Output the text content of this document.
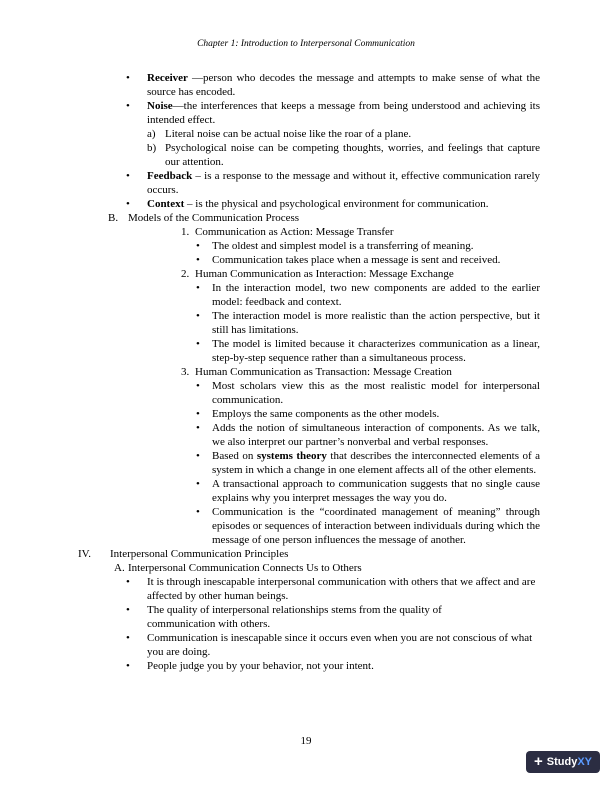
Chapter 1: Introduction to Interpersonal Communication
• Receiver —person who decodes the message and attempts to make sense of what the source has encoded.
• Noise—the interferences that keeps a message from being understood and achieving its intended effect.
a) Literal noise can be actual noise like the roar of a plane.
b) Psychological noise can be competing thoughts, worries, and feelings that capture our attention.
• Feedback – is a response to the message and without it, effective communication rarely occurs.
• Context – is the physical and psychological environment for communication.
B. Models of the Communication Process
1. Communication as Action: Message Transfer
• The oldest and simplest model is a transferring of meaning.
• Communication takes place when a message is sent and received.
2. Human Communication as Interaction: Message Exchange
• In the interaction model, two new components are added to the earlier model: feedback and context.
• The interaction model is more realistic than the action perspective, but it still has limitations.
• The model is limited because it characterizes communication as a linear, step-by-step sequence rather than a simultaneous process.
3. Human Communication as Transaction: Message Creation
• Most scholars view this as the most realistic model for interpersonal communication.
• Employs the same components as the other models.
• Adds the notion of simultaneous interaction of components. As we talk, we also interpret our partner’s nonverbal and verbal responses.
• Based on systems theory that describes the interconnected elements of a system in which a change in one element affects all of the other elements.
• A transactional approach to communication suggests that no single cause explains why you interpret messages the way you do.
• Communication is the “coordinated management of meaning” through episodes or sequences of interaction between individuals during which the message of one person influences the message of another.
IV. Interpersonal Communication Principles
A. Interpersonal Communication Connects Us to Others
• It is through inescapable interpersonal communication with others that we affect and are affected by other human beings.
• The quality of interpersonal relationships stems from the quality of communication with others.
• Communication is inescapable since it occurs even when you are not conscious of what you are doing.
• People judge you by your behavior, not your intent.
19
+ StudyXY
